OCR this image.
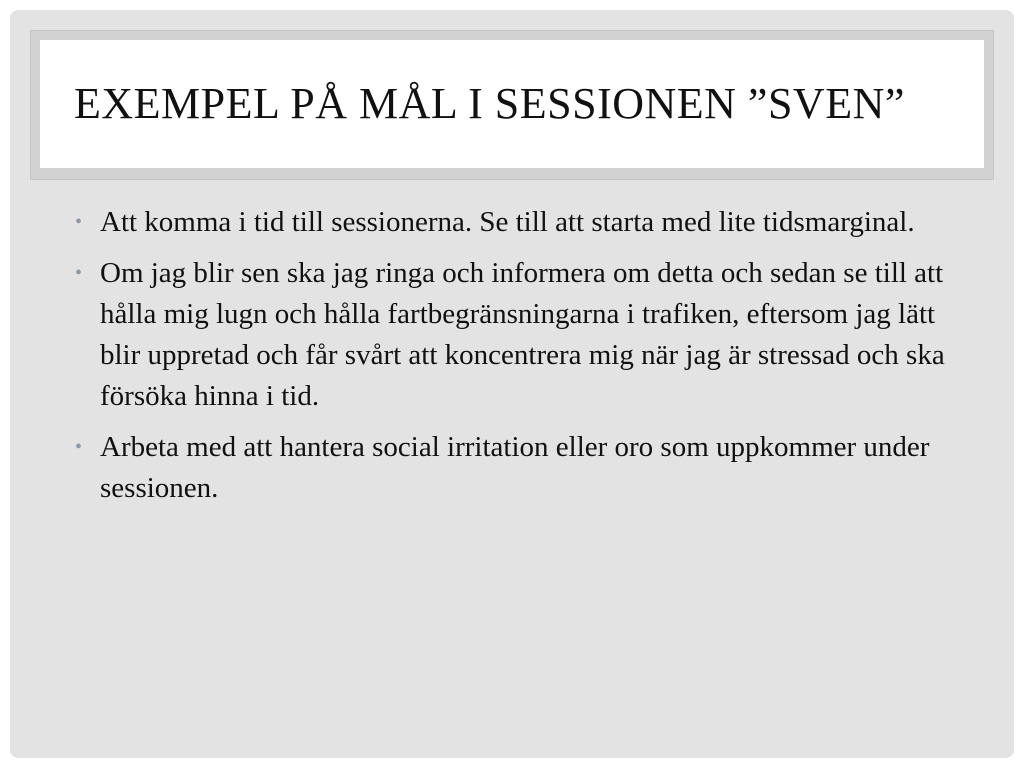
EXEMPEL PÅ MÅL I SESSIONEN ”SVEN”
• Att komma i tid till sessionerna. Se till att starta med lite tidsmarginal.
• Om jag blir sen ska jag ringa och informera om detta och sedan se till att hålla mig lugn och hålla fartbegränsningarna i trafiken, eftersom jag lätt blir uppretad och får svårt att koncentrera mig när jag är stressad och ska försöka hinna i tid.
• Arbeta med att hantera social irritation eller oro som uppkommer under sessionen.
